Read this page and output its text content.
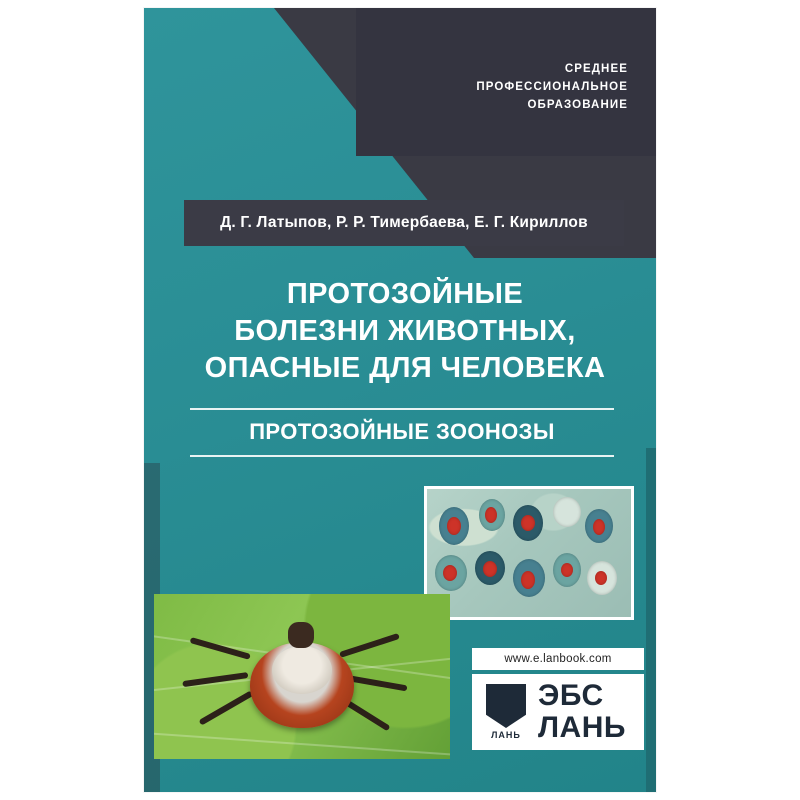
СРЕДНЕЕ
ПРОФЕССИОНАЛЬНОЕ
ОБРАЗОВАНИЕ
Д. Г. Латыпов, Р. Р. Тимербаева, Е. Г. Кириллов
ПРОТОЗОЙНЫЕ
БОЛЕЗНИ ЖИВОТНЫХ,
ОПАСНЫЕ ДЛЯ ЧЕЛОВЕКА
ПРОТОЗОЙНЫЕ ЗООНОЗЫ
www.e.lanbook.com
ЛАНЬ
ЭБС
ЛАНЬ
